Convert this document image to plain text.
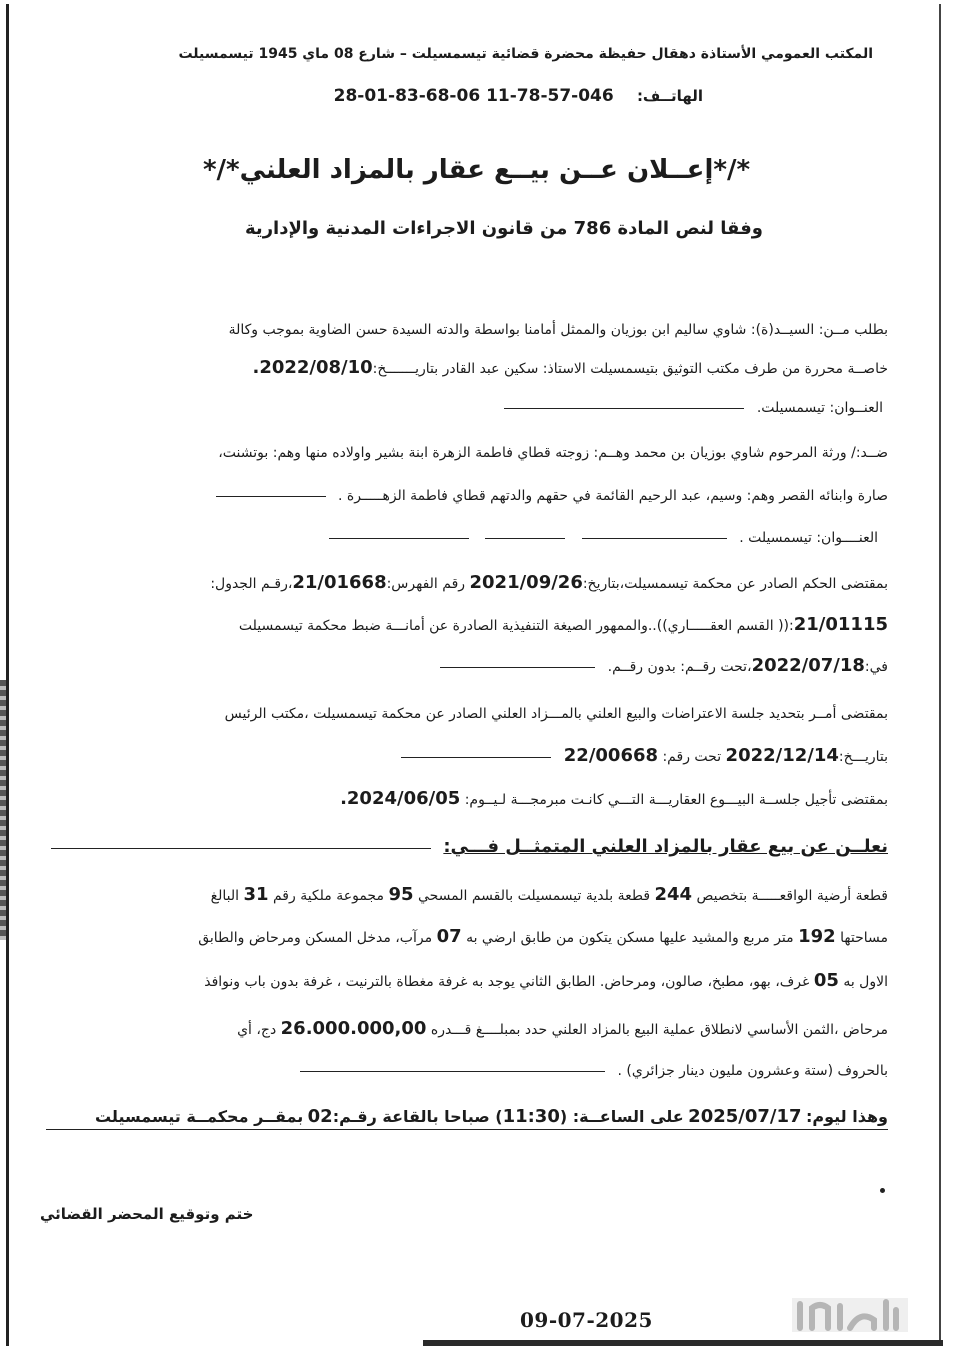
المكتب العمومي الأستاذة دهقال حفيظة محضرة قضائية تيسمسيلت – شارع 08 ماي 1945 تيسمسيلت
الهاتــف: 28-01-83-68-06 11-78-57-046
*/*إعــلان عــن بيــع عقار بالمزاد العلني*/*
وفقا لنص المادة 786 من قانون الاجراءات المدنية والإدارية
بطلب مــن: السيــد(ة): شاوي ساليم ابن بوزيان والممثل أمامنا بواسطة والدته السيدة حسن الضاوية بموجب وكالة
خاصــة محررة من طرف مكتب التوثيق بتيسمسيلت الاستاذ: سكين عبد القادر بتاريـــــــخ:2022/08/10.
العنــوان: تيسمسيلت.
ضــد:/ ورثة المرحوم شاوي بوزيان بن محمد وهــم: زوجته قطاي فاطمة الزهرة ابنة بشير واولاده منها وهم: بوتشنت،
صارة وابنائه القصر وهم: وسيم، عبد الرحيم القائمة في حقهم والدتهم قطاي فاطمة الزهـــــرة .
العنــــوان: تيسمسيلت .
بمقتضى الحكم الصادر عن محكمة تيسمسيلت،بتاريخ:2021/09/26 رقم الفهرس:21/01668،رقـم الجدول:
21/01115:(( القسم العقـــــاري))..والممهور الصيغة التنفيذية الصادرة عن أمانـــة ضبط محكمة تيسمسيلت
في:2022/07/18،تحت رقــم: بدون رقــم.
بمقتضى أمــر بتحديد جلسة الاعتراضات والبيع العلني بالمـــزاد العلني الصادر عن محكمة تيسمسيلت ،مكتب الرئيس
بتاريـــخ:2022/12/14 تحت رقم: 22/00668
بمقتضى تأجيل جلســة البيـــوع العقاريـــة التـــي كانـت مبرمجـــة لـيــوم: 2024/06/05.
نعلــن عن بيع عقار بالمزاد العلني المتمثــل فـــي:
قطعة أرضية الواقعـــــة بتخصيص 244 قطعة بلدية تيسمسيلت بالقسم المسحي 95 مجموعة ملكية رقم 31 البالغ
مساحتها 192 متر مربع والمشيد عليها مسكن يتكون من طابق ارضي به 07 مرآب، مدخل المسكن ومرحاض والطابق
الاول به 05 غرف، بهو، مطبخ، صالون، ومرحاض. الطابق الثاني يوجد به غرفة مغطاة بالترنيت ، غرفة بدون باب ونوافذ
مرحاض ،الثمن الأساسي لانطلاق عملية البيع بالمزاد العلني حدد بمبلــــغ قـــدره 26.000.000,00 دج، أي
بالحروف (ستة وعشرون مليون دينار جزائري) .
وهذا ليوم: 2025/07/17 على الساعــة: (11:30) صباحا بالقاعة رقـم:02 بمقــر محكمــة تيسمسيلت
ختم وتوقيع المحضر القضائي
09-07-2025
